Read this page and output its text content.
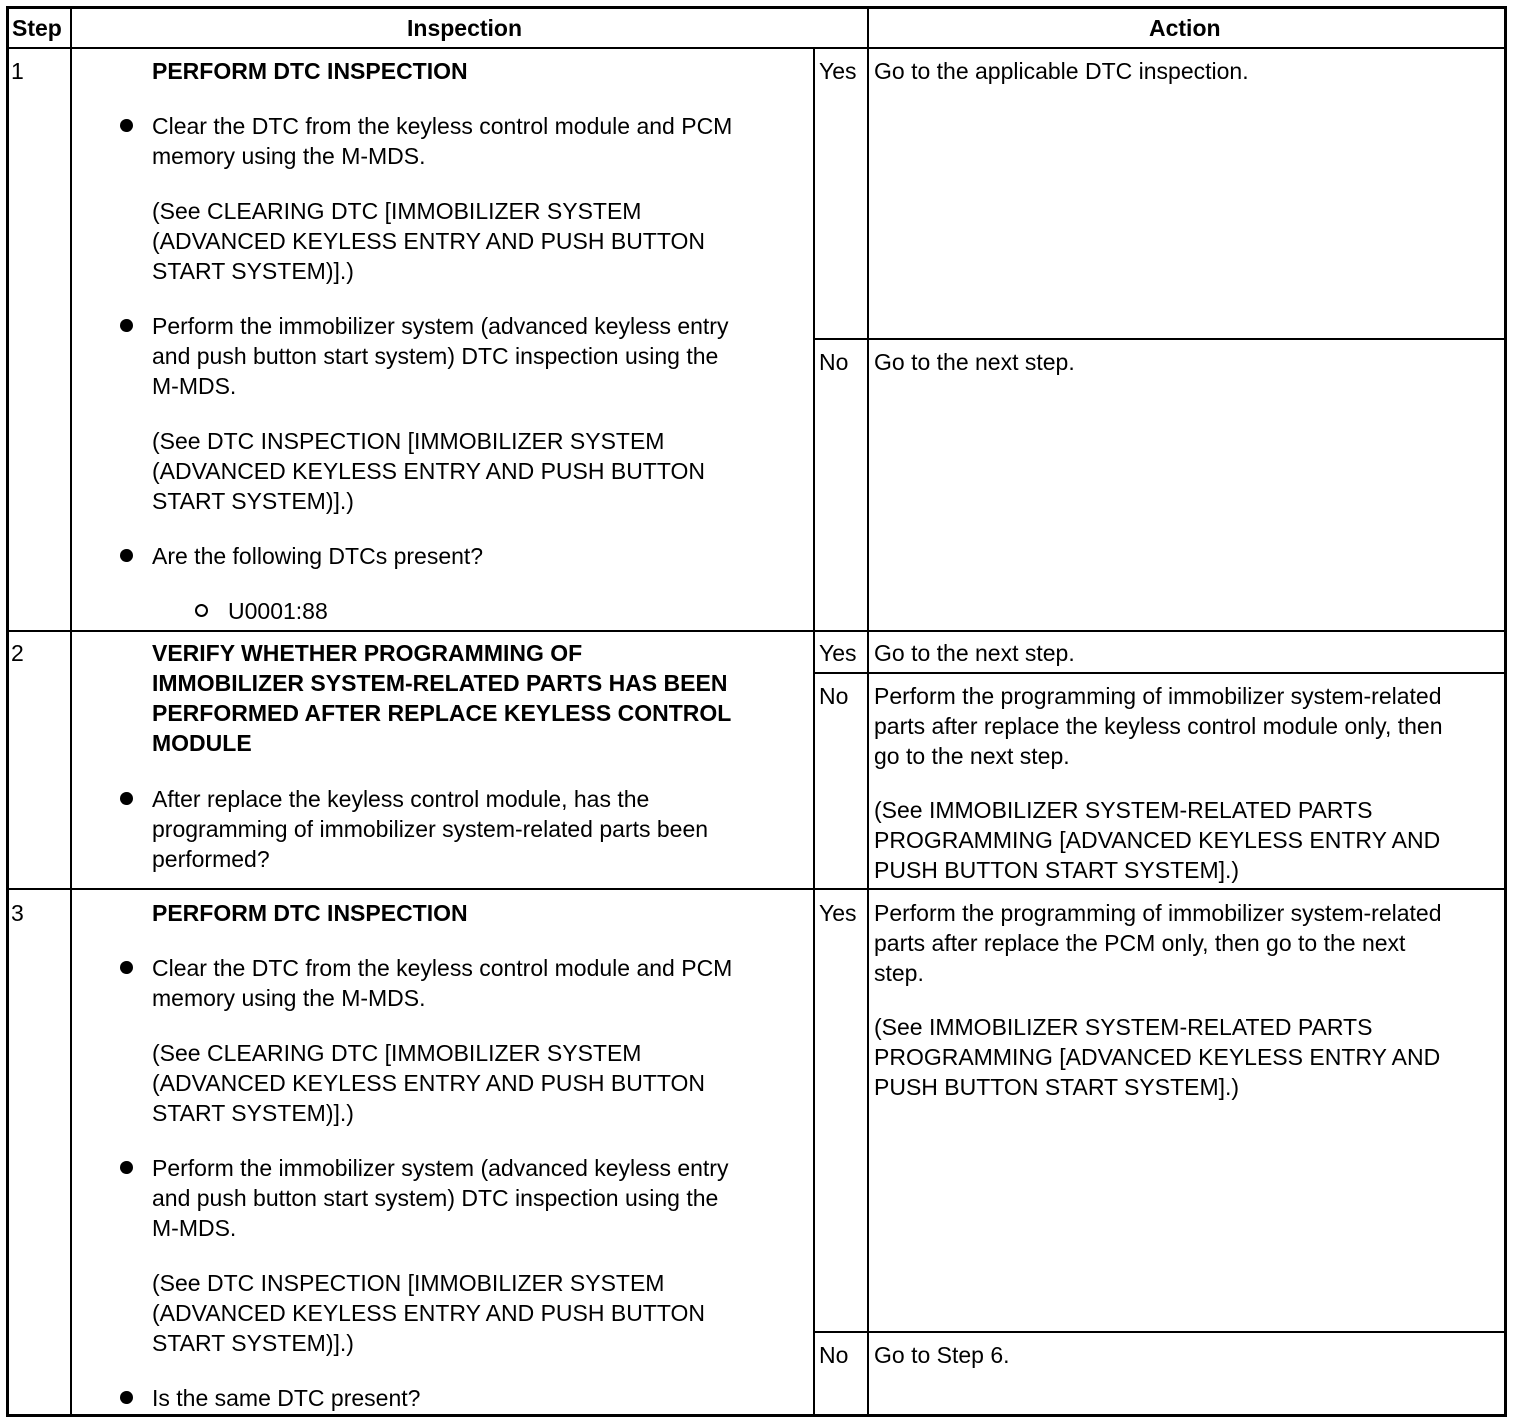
Step	Inspection	Action
1	PERFORM DTC INSPECTION
Clear the DTC from the keyless control module and PCM
memory using the M-MDS.
(See CLEARING DTC [IMMOBILIZER SYSTEM
(ADVANCED KEYLESS ENTRY AND PUSH BUTTON
START SYSTEM)].)
Perform the immobilizer system (advanced keyless entry
and push button start system) DTC inspection using the
M-MDS.
(See DTC INSPECTION [IMMOBILIZER SYSTEM
(ADVANCED KEYLESS ENTRY AND PUSH BUTTON
START SYSTEM)].)
Are the following DTCs present?
U0001:88
Yes Go to the applicable DTC inspection.
No Go to the next step.
2	VERIFY WHETHER PROGRAMMING OF
IMMOBILIZER SYSTEM-RELATED PARTS HAS BEEN
PERFORMED AFTER REPLACE KEYLESS CONTROL
MODULE
After replace the keyless control module, has the
programming of immobilizer system-related parts been
performed?
Yes Go to the next step.
No Perform the programming of immobilizer system-related
parts after replace the keyless control module only, then
go to the next step.
(See IMMOBILIZER SYSTEM-RELATED PARTS
PROGRAMMING [ADVANCED KEYLESS ENTRY AND
PUSH BUTTON START SYSTEM].)
3	PERFORM DTC INSPECTION
Clear the DTC from the keyless control module and PCM
memory using the M-MDS.
(See CLEARING DTC [IMMOBILIZER SYSTEM
(ADVANCED KEYLESS ENTRY AND PUSH BUTTON
START SYSTEM)].)
Perform the immobilizer system (advanced keyless entry
and push button start system) DTC inspection using the
M-MDS.
(See DTC INSPECTION [IMMOBILIZER SYSTEM
(ADVANCED KEYLESS ENTRY AND PUSH BUTTON
START SYSTEM)].)
Is the same DTC present?
Yes Perform the programming of immobilizer system-related
parts after replace the PCM only, then go to the next
step.
(See IMMOBILIZER SYSTEM-RELATED PARTS
PROGRAMMING [ADVANCED KEYLESS ENTRY AND
PUSH BUTTON START SYSTEM].)
No Go to Step 6.
